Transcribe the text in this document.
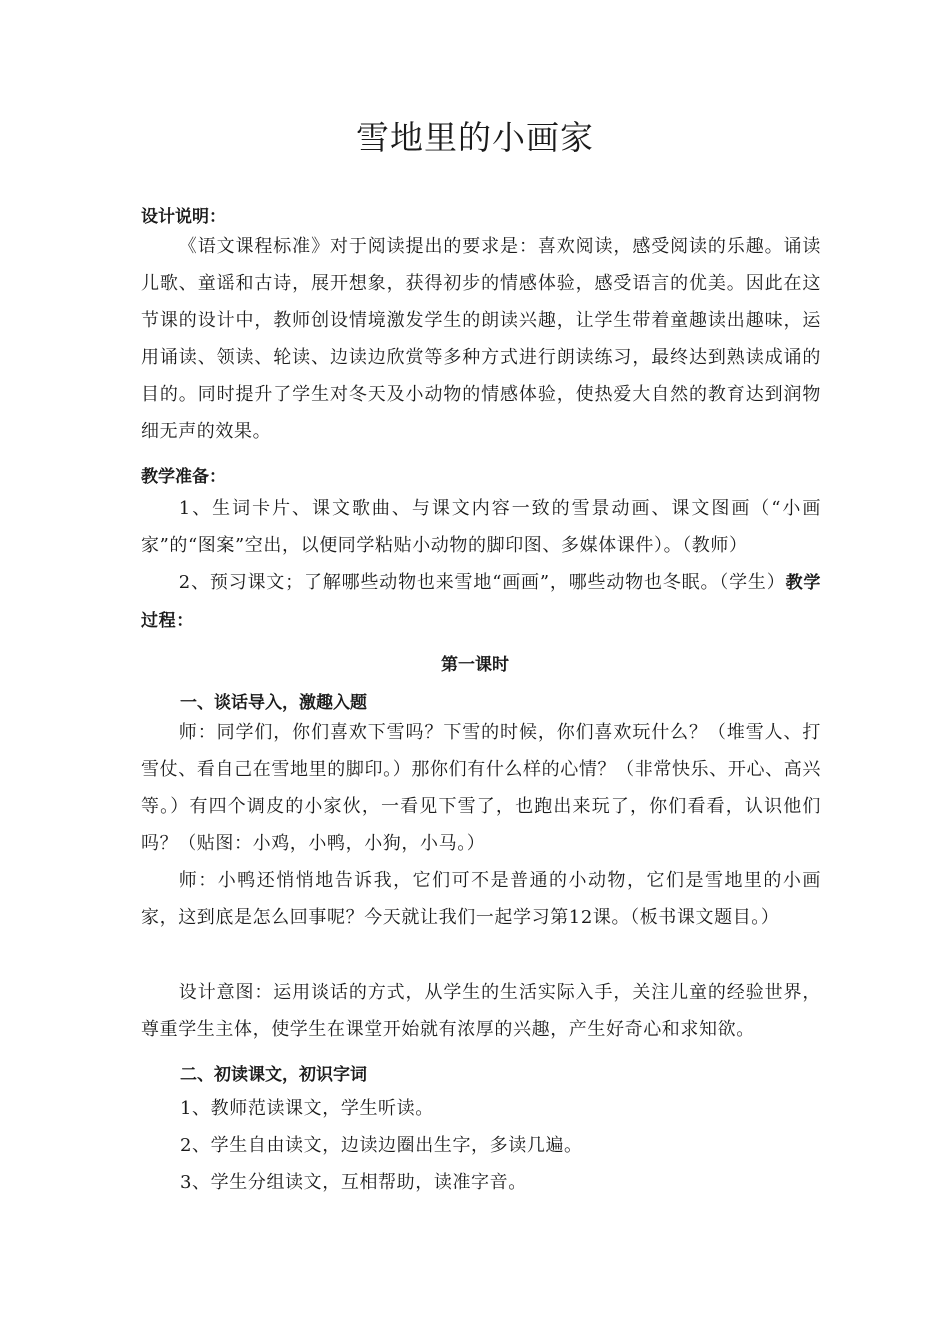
雪地里的小画家

设计说明：

《语文课程标准》对于阅读提出的要求是：喜欢阅读，感受阅读的乐趣。诵读儿歌、童谣和古诗，展开想象，获得初步的情感体验，感受语言的优美。因此在这节课的设计中，教师创设情境激发学生的朗读兴趣，让学生带着童趣读出趣味，运用诵读、领读、轮读、边读边欣赏等多种方式进行朗读练习，最终达到熟读成诵的目的。同时提升了学生对冬天及小动物的情感体验，使热爱大自然的教育达到润物细无声的效果。

教学准备：

1、生词卡片、课文歌曲、与课文内容一致的雪景动画、课文图画（“小画家”的“图案”空出，以便同学粘贴小动物的脚印图、多媒体课件）。（教师）

2、预习课文；了解哪些动物也来雪地“画画”，哪些动物也冬眠。（学生）教学过程：

第一课时

一、谈话导入，激趣入题

师：同学们，你们喜欢下雪吗？下雪的时候，你们喜欢玩什么？（堆雪人、打雪仗、看自己在雪地里的脚印。）那你们有什么样的心情？（非常快乐、开心、高兴等。）有四个调皮的小家伙，一看见下雪了，也跑出来玩了，你们看看，认识他们吗？（贴图：小鸡，小鸭，小狗，小马。）

师：小鸭还悄悄地告诉我，它们可不是普通的小动物，它们是雪地里的小画家，这到底是怎么回事呢？今天就让我们一起学习第12课。（板书课文题目。）

设计意图：运用谈话的方式，从学生的生活实际入手，关注儿童的经验世界，尊重学生主体，使学生在课堂开始就有浓厚的兴趣，产生好奇心和求知欲。

二、初读课文，初识字词

1、教师范读课文，学生听读。

2、学生自由读文，边读边圈出生字，多读几遍。

3、学生分组读文，互相帮助，读准字音。
